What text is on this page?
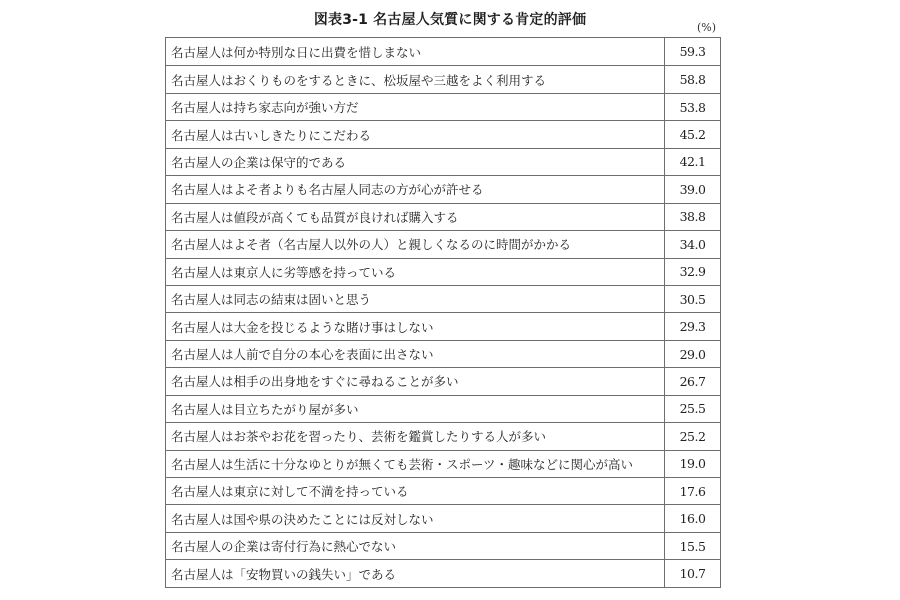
図表3-1 名古屋人気質に関する肯定的評価	(%)
名古屋人は何か特別な日に出費を惜しまない	59.3
名古屋人はおくりものをするときに、松坂屋や三越をよく利用する	58.8
名古屋人は持ち家志向が強い方だ	53.8
名古屋人は古いしきたりにこだわる	45.2
名古屋人の企業は保守的である	42.1
名古屋人はよそ者よりも名古屋人同志の方が心が許せる	39.0
名古屋人は値段が高くても品質が良ければ購入する	38.8
名古屋人はよそ者（名古屋人以外の人）と親しくなるのに時間がかかる	34.0
名古屋人は東京人に劣等感を持っている	32.9
名古屋人は同志の結束は固いと思う	30.5
名古屋人は大金を投じるような賭け事はしない	29.3
名古屋人は人前で自分の本心を表面に出さない	29.0
名古屋人は相手の出身地をすぐに尋ねることが多い	26.7
名古屋人は目立ちたがり屋が多い	25.5
名古屋人はお茶やお花を習ったり、芸術を鑑賞したりする人が多い	25.2
名古屋人は生活に十分なゆとりが無くても芸術・スポーツ・趣味などに関心が高い	19.0
名古屋人は東京に対して不満を持っている	17.6
名古屋人は国や県の決めたことには反対しない	16.0
名古屋人の企業は寄付行為に熱心でない	15.5
名古屋人は「安物買いの銭失い」である	10.7
